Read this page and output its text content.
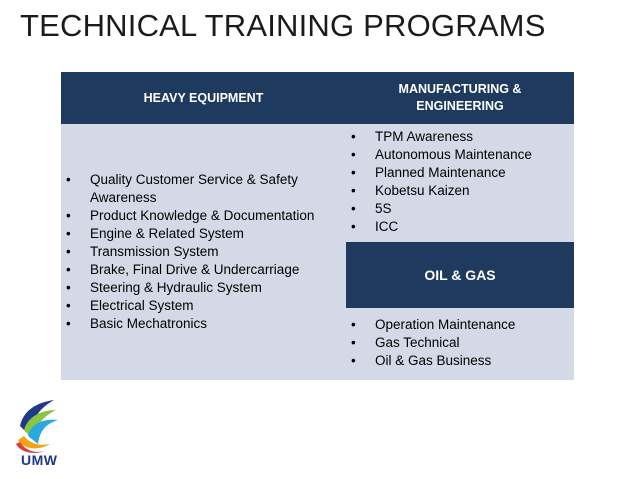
TECHNICAL TRAINING PROGRAMS
HEAVY EQUIPMENT
MANUFACTURING &
ENGINEERING
• Quality Customer Service & Safety Awareness
• Product Knowledge & Documentation
• Engine & Related System
• Transmission System
• Brake, Final Drive & Undercarriage
• Steering & Hydraulic System
• Electrical System
• Basic Mechatronics
• TPM Awareness
• Autonomous Maintenance
• Planned Maintenance
• Kobetsu Kaizen
• 5S
• ICC
OIL & GAS
• Operation Maintenance
• Gas Technical
• Oil & Gas Business
UMW
